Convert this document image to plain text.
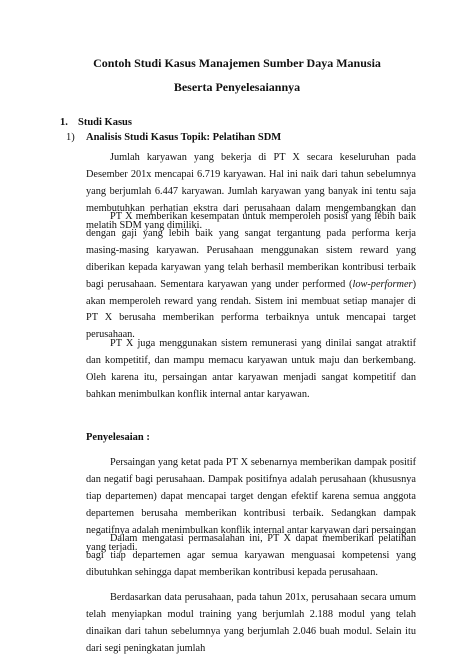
Contoh Studi Kasus Manajemen Sumber Daya Manusia
Beserta Penyelesaiannya
1. Studi Kasus
1) Analisis Studi Kasus Topik: Pelatihan SDM

Jumlah karyawan yang bekerja di PT X secara keseluruhan pada Desember 201x mencapai 6.719 karyawan. Hal ini naik dari tahun sebelumnya yang berjumlah 6.447 karyawan. Jumlah karyawan yang banyak ini tentu saja membutuhkan perhatian ekstra dari perusahaan dalam mengembangkan dan melatih SDM yang dimiliki.

PT X memberikan kesempatan untuk memperoleh posisi yang lebih baik dengan gaji yang lebih baik yang sangat tergantung pada performa kerja masing-masing karyawan. Perusahaan menggunakan sistem reward yang diberikan kepada karyawan yang telah berhasil memberikan kontribusi terbaik bagi perusahaan. Sementara karyawan yang under performed (low-performer) akan memperoleh reward yang rendah. Sistem ini membuat setiap manajer di PT X berusaha memberikan performa terbaiknya untuk mencapai target perusahaan.

PT X juga menggunakan sistem remunerasi yang dinilai sangat atraktif dan kompetitif, dan mampu memacu karyawan untuk maju dan berkembang. Oleh karena itu, persaingan antar karyawan menjadi sangat kompetitif dan bahkan menimbulkan konflik internal antar karyawan.

Penyelesaian :

Persaingan yang ketat pada PT X sebenarnya memberikan dampak positif dan negatif bagi perusahaan. Dampak positifnya adalah perusahaan (khususnya tiap departemen) dapat mencapai target dengan efektif karena semua anggota departemen berusaha memberikan kontribusi terbaik. Sedangkan dampak negatifnya adalah menimbulkan konflik internal antar karyawan dari persaingan yang terjadi.

Dalam mengatasi permasalahan ini, PT X dapat memberikan pelatihan bagi tiap departemen agar semua karyawan menguasai kompetensi yang dibutuhkan sehingga dapat memberikan kontribusi kepada perusahaan.

Berdasarkan data perusahaan, pada tahun 201x, perusahaan secara umum telah menyiapkan modul training yang berjumlah 2.188 modul yang telah dinaikan dari tahun sebelumnya yang berjumlah 2.046 buah modul. Selain itu dari segi peningkatan jumlah
